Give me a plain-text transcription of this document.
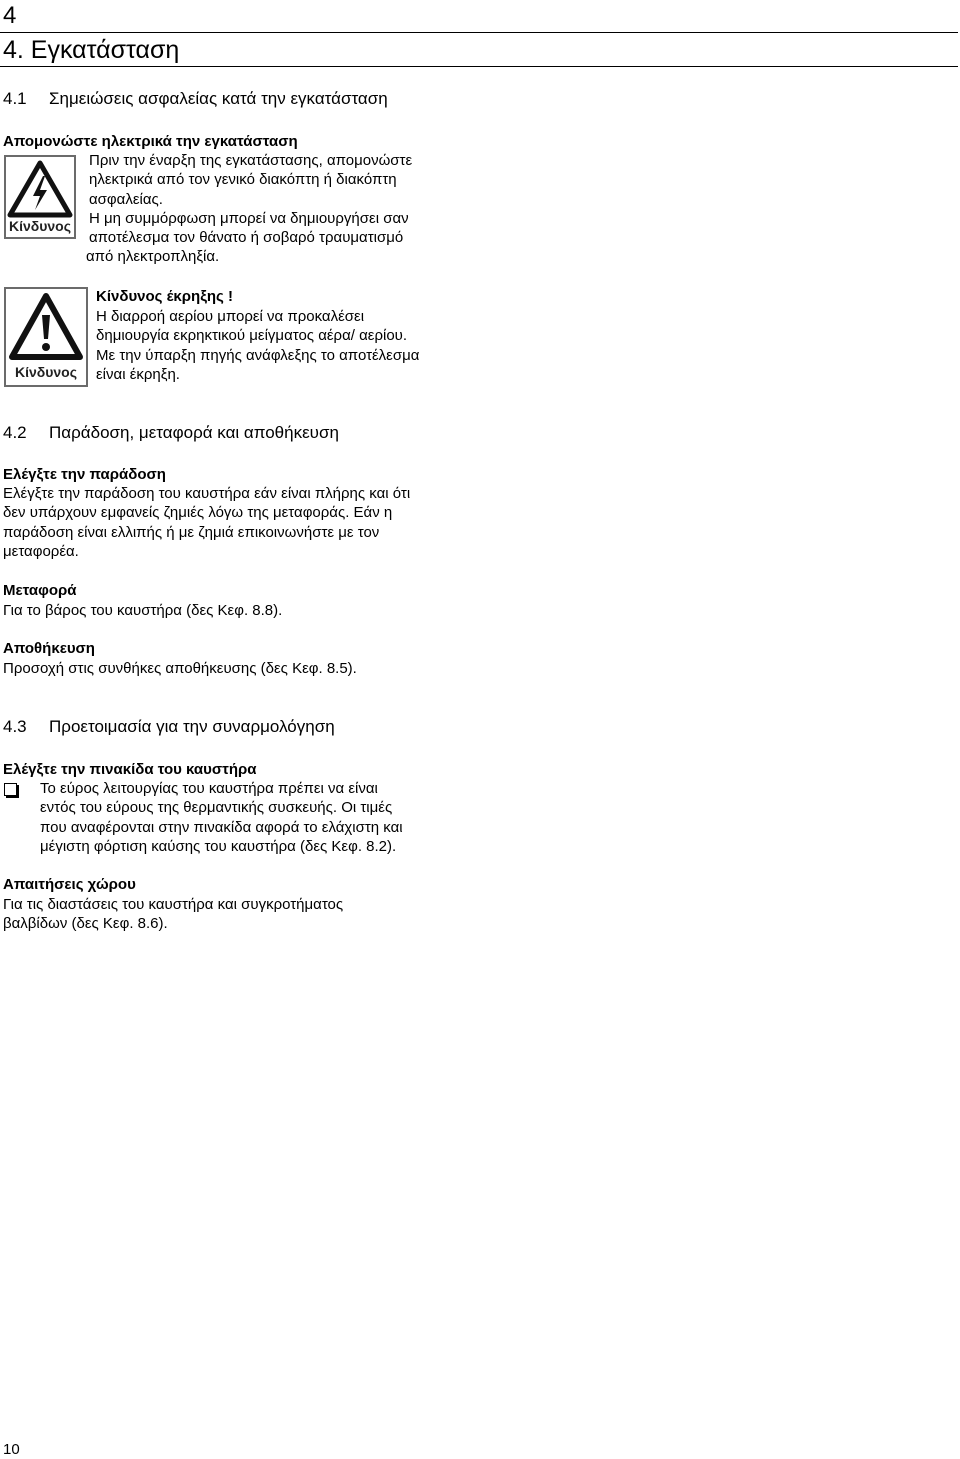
4
4. Εγκατάσταση
4.1 Σημειώσεις ασφαλείας κατά την εγκατάσταση
Απομονώστε ηλεκτρικά την εγκατάσταση
Κίνδυνος
Πριν την έναρξη της εγκατάστασης, απομονώστε
ηλεκτρικά από τον γενικό διακόπτη ή διακόπτη
ασφαλείας.
Η μη συμμόρφωση μπορεί να δημιουργήσει σαν
αποτέλεσμα τον θάνατο ή σοβαρό τραυματισμό
από ηλεκτροπληξία.
Κίνδυνος
Κίνδυνος έκρηξης !
Η διαρροή αερίου μπορεί να προκαλέσει
δημιουργία εκρηκτικού μείγματος αέρα/ αερίου.
Με την ύπαρξη πηγής ανάφλεξης το αποτέλεσμα
είναι έκρηξη.
4.2 Παράδοση, μεταφορά και αποθήκευση
Ελέγξτε την παράδοση
Ελέγξτε την παράδοση του καυστήρα εάν είναι πλήρης και ότι
δεν υπάρχουν εμφανείς ζημιές λόγω της μεταφοράς. Εάν η
παράδοση είναι ελλιπής ή με ζημιά επικοινωνήστε με τον
μεταφορέα.
Μεταφορά
Για το βάρος του καυστήρα (δες Κεφ. 8.8).
Αποθήκευση
Προσοχή στις συνθήκες αποθήκευσης (δες Κεφ. 8.5).
4.3 Προετοιμασία για την συναρμολόγηση
Ελέγξτε την πινακίδα του καυστήρα
Το εύρος λειτουργίας του καυστήρα πρέπει να είναι
εντός του εύρους της θερμαντικής συσκευής. Οι τιμές
που αναφέρονται στην πινακίδα αφορά το ελάχιστη και
μέγιστη φόρτιση καύσης του καυστήρα (δες Κεφ. 8.2).
Απαιτήσεις χώρου
Για τις διαστάσεις του καυστήρα και συγκροτήματος
βαλβίδων (δες Κεφ. 8.6).
10
